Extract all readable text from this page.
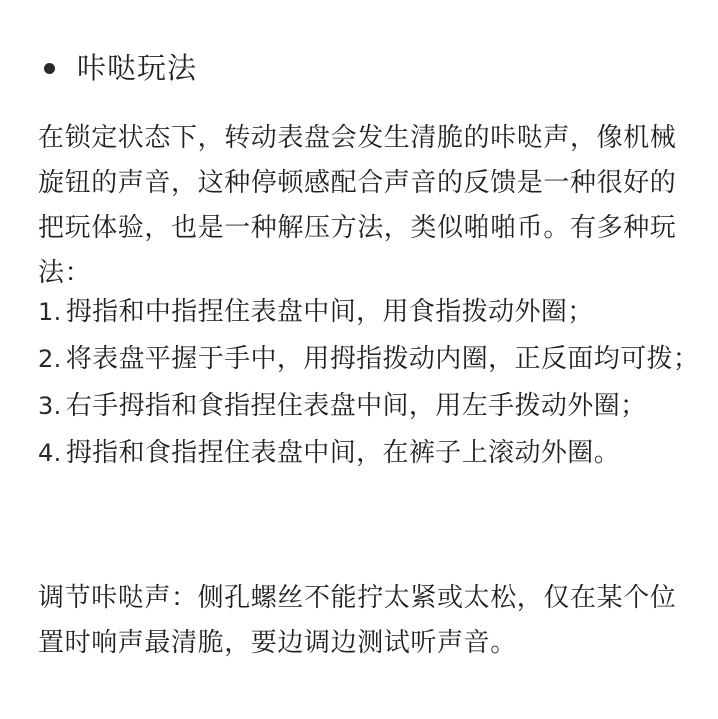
咔哒玩法

在锁定状态下，转动表盘会发生清脆的咔哒声，像机械旋钮的声音，这种停顿感配合声音的反馈是一种很好的把玩体验，也是一种解压方法，类似啪啪币。有多种玩法：

1. 拇指和中指捏住表盘中间，用食指拨动外圈；
2. 将表盘平握于手中，用拇指拨动内圈，正反面均可拨；
3. 右手拇指和食指捏住表盘中间，用左手拨动外圈；
4. 拇指和食指捏住表盘中间，在裤子上滚动外圈。

调节咔哒声：侧孔螺丝不能拧太紧或太松，仅在某个位置时响声最清脆，要边调边测试听声音。
